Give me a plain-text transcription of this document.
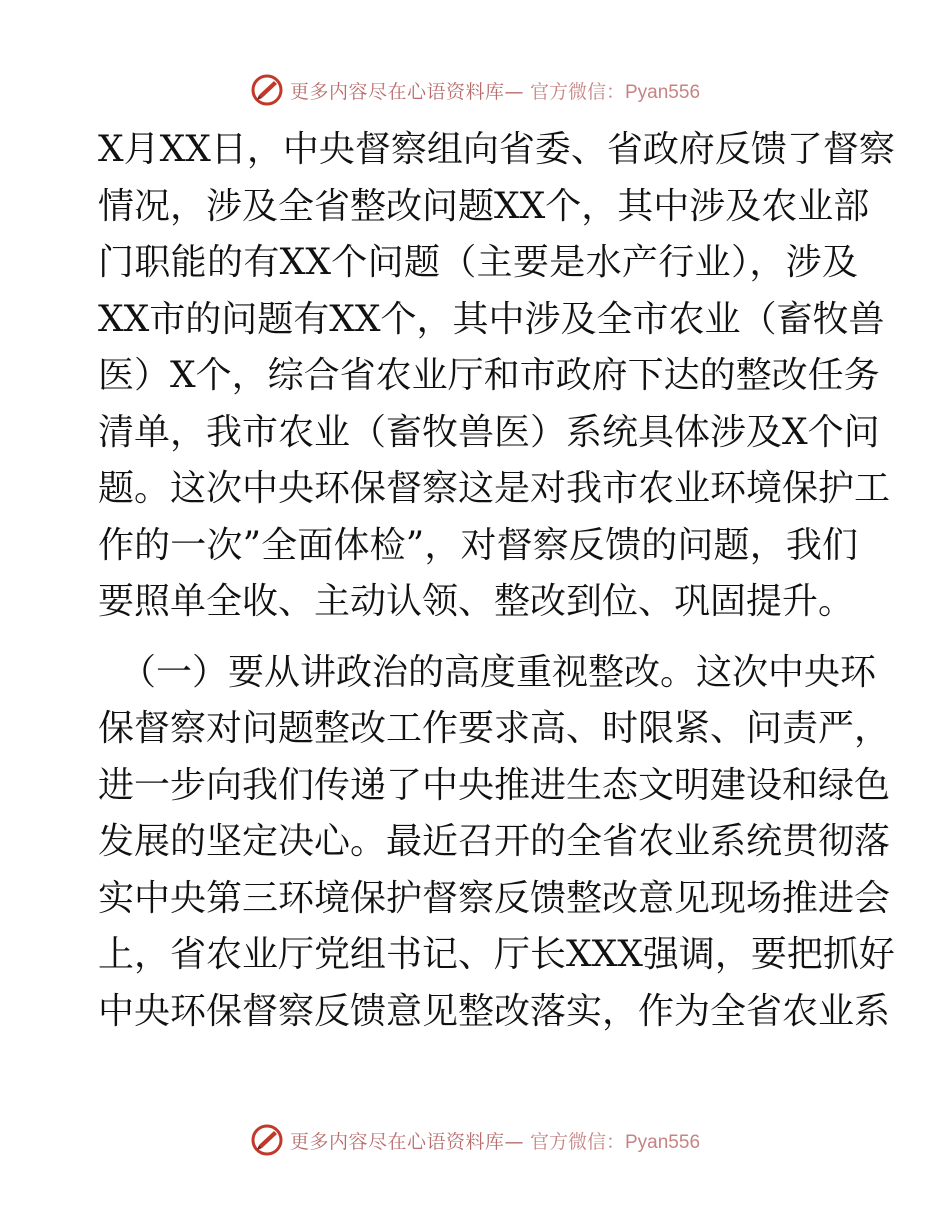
更多内容尽在心语资料库— 官方微信：Pyan556
X月XX日，中央督察组向省委、省政府反馈了督察
情况，涉及全省整改问题XX个，其中涉及农业部
门职能的有XX个问题（主要是水产行业），涉及
XX市的问题有XX个，其中涉及全市农业（畜牧兽
医）X个，综合省农业厅和市政府下达的整改任务
清单，我市农业（畜牧兽医）系统具体涉及X个问
题。这次中央环保督察这是对我市农业环境保护工
作的一次”全面体检”，对督察反馈的问题，我们
要照单全收、主动认领、整改到位、巩固提升。
（一）要从讲政治的高度重视整改。这次中央环
保督察对问题整改工作要求高、时限紧、问责严，
进一步向我们传递了中央推进生态文明建设和绿色
发展的坚定决心。最近召开的全省农业系统贯彻落
实中央第三环境保护督察反馈整改意见现场推进会
上，省农业厅党组书记、厅长XXX强调，要把抓好
中央环保督察反馈意见整改落实，作为全省农业系
更多内容尽在心语资料库— 官方微信：Pyan556
